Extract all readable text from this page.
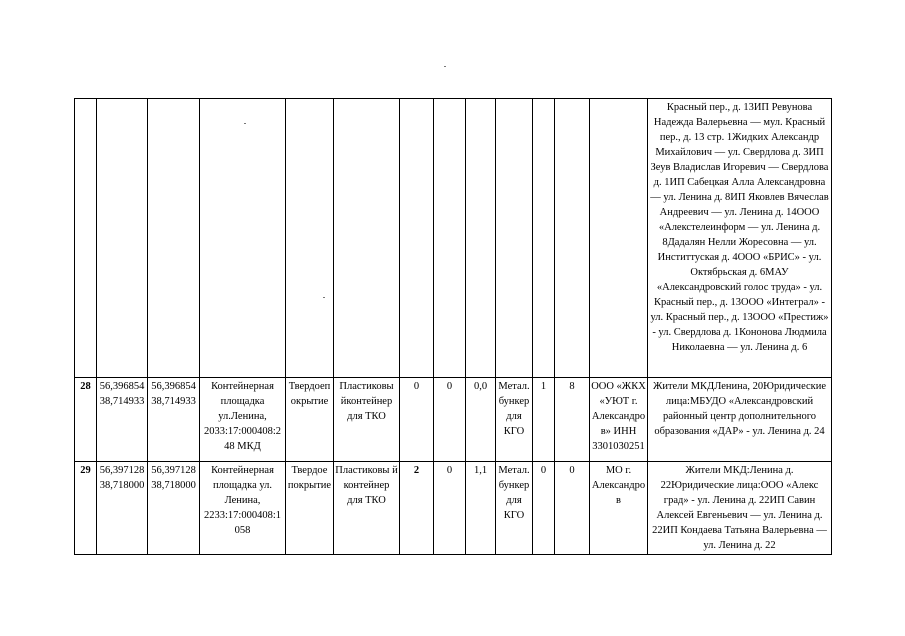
													Красный пер., д. 13ИП Ревунова Надежда Валерьевна — мул. Красный пер., д. 13 стр. 1Жидких Александр Михайлович — ул. Свердлова д. 3ИП Зеув Владислав Игоревич — Свердлова д. 1ИП Сабецкая Алла Александровна — ул. Ленина д. 8ИП Яковлев Вячеслав Андреевич — ул. Ленина д. 14ООО «Алекстелеинформ — ул. Ленина д. 8Дадалян Нелли Жоресовна — ул. Инститтуская д. 4ООО «БРИС» - ул. Октябрьская д. 6МАУ «Александровский голос труда» - ул. Красный пер., д. 13ООО «Интеграл» - ул. Красный пер., д. 13ООО «Престиж» - ул. Свердлова д. 1Кононова Людмила Николаевна — ул. Ленина д. 6
28	56,396854 38,714933	56,396854 38,714933	Контейнерная площадка ул.Ленина, 2033:17:000408:2 48 МКД	Твердоеп окрытие	Пластиковы йконтейнер для ТКО	0	0	0,0	Метал. бункер для КГО	1	8	ООО «ЖКХ «УЮТ г. Александро в» ИНН 3301030251	Жители МКДЛенина, 20Юридические лица:МБУДО «Александровский районный центр дополнительного образования «ДАР» - ул. Ленина д. 24
29	56,397128 38,718000	56,397128 38,718000	Контейнерная площадка ул. Ленина, 2233:17:000408:1 058	Твердое покрытие	Пластиковы й контейнер для ТКО	2	0	1,1	Метал. бункер для КГО	0	0	МО г. Александро в	Жители МКД:Ленина д. 22Юридические лица:ООО «Алекс град» - ул. Ленина д. 22ИП Савин Алексей Евгеньевич — ул. Ленина д. 22ИП Кондаева Татьяна Валерьевна — ул. Ленина д. 22
